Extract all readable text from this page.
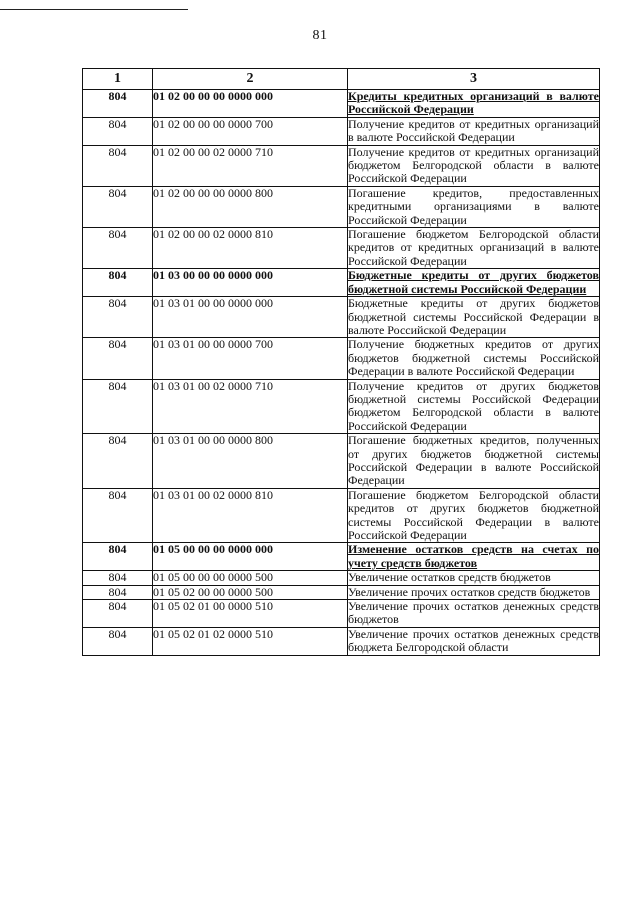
81
1	2	3
804	01 02 00 00 00 0000 000	Кредиты кредитных организаций в валюте Российской Федерации
804	01 02 00 00 00 0000 700	Получение кредитов от кредитных организаций в валюте Российской Федерации
804	01 02 00 00 02 0000 710	Получение кредитов от кредитных организаций бюджетом Белгородской области в валюте Российской Федерации
804	01 02 00 00 00 0000 800	Погашение кредитов, предоставленных кредитными организациями в валюте Российской Федерации
804	01 02 00 00 02 0000 810	Погашение бюджетом Белгородской области кредитов от кредитных организаций в валюте Российской Федерации
804	01 03 00 00 00 0000 000	Бюджетные кредиты от других бюджетов бюджетной системы Российской Федерации
804	01 03 01 00 00 0000 000	Бюджетные кредиты от других бюджетов бюджетной системы Российской Федерации в валюте Российской Федерации
804	01 03 01 00 00 0000 700	Получение бюджетных кредитов от других бюджетов бюджетной системы Российской Федерации в валюте Российской Федерации
804	01 03 01 00 02 0000 710	Получение кредитов от других бюджетов бюджетной системы Российской Федерации бюджетом Белгородской области в валюте Российской Федерации
804	01 03 01 00 00 0000 800	Погашение бюджетных кредитов, полученных от других бюджетов бюджетной системы Российской Федерации в валюте Российской Федерации
804	01 03 01 00 02 0000 810	Погашение бюджетом Белгородской области кредитов от других бюджетов бюджетной системы Российской Федерации в валюте Российской Федерации
804	01 05 00 00 00 0000 000	Изменение остатков средств на счетах по учету средств бюджетов
804	01 05 00 00 00 0000 500	Увеличение остатков средств бюджетов
804	01 05 02 00 00 0000 500	Увеличение прочих остатков средств бюджетов
804	01 05 02 01 00 0000 510	Увеличение прочих остатков денежных средств бюджетов
804	01 05 02 01 02 0000 510	Увеличение прочих остатков денежных средств бюджета Белгородской области
